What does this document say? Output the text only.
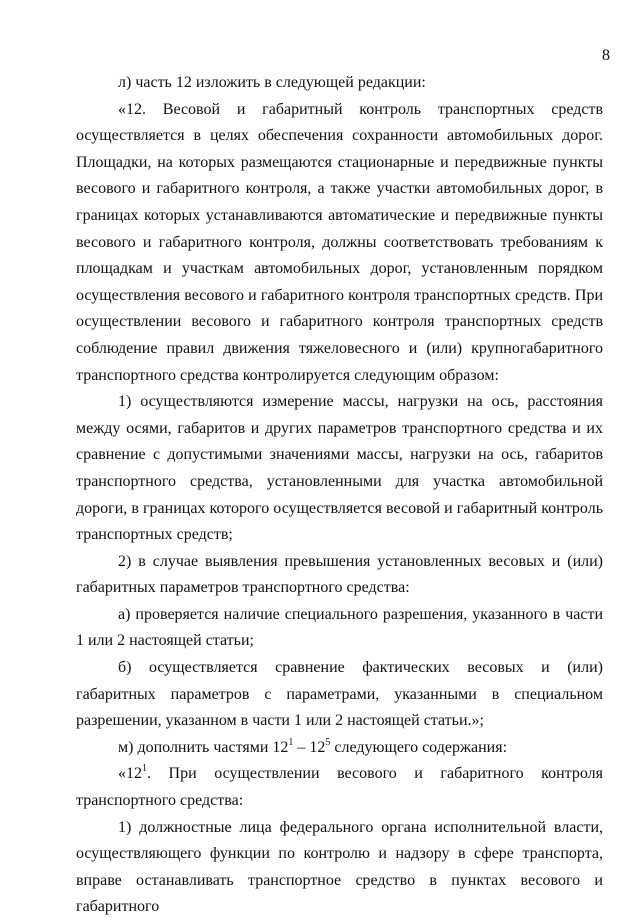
8

л) часть 12 изложить в следующей редакции:

«12. Весовой и габаритный контроль транспортных средств осуществляется в целях обеспечения сохранности автомобильных дорог. Площадки, на которых размещаются стационарные и передвижные пункты весового и габаритного контроля, а также участки автомобильных дорог, в границах которых устанавливаются автоматические и передвижные пункты весового и габаритного контроля, должны соответствовать требованиям к площадкам и участкам автомобильных дорог, установленным порядком осуществления весового и габаритного контроля транспортных средств. При осуществлении весового и габаритного контроля транспортных средств соблюдение правил движения тяжеловесного и (или) крупногабаритного транспортного средства контролируется следующим образом:

1) осуществляются измерение массы, нагрузки на ось, расстояния между осями, габаритов и других параметров транспортного средства и их сравнение с допустимыми значениями массы, нагрузки на ось, габаритов транспортного средства, установленными для участка автомобильной дороги, в границах которого осуществляется весовой и габаритный контроль транспортных средств;

2) в случае выявления превышения установленных весовых и (или) габаритных параметров транспортного средства:

а) проверяется наличие специального разрешения, указанного в части 1 или 2 настоящей статьи;

б) осуществляется сравнение фактических весовых и (или) габаритных параметров с параметрами, указанными в специальном разрешении, указанном в части 1 или 2 настоящей статьи.»;

м) дополнить частями $12^1 - 12^5$ следующего содержания:

«$12^1$. При осуществлении весового и габаритного контроля транспортного средства:

1) должностные лица федерального органа исполнительной власти, осуществляющего функции по контролю и надзору в сфере транспорта, вправе останавливать транспортное средство в пунктах весового и габаритного
